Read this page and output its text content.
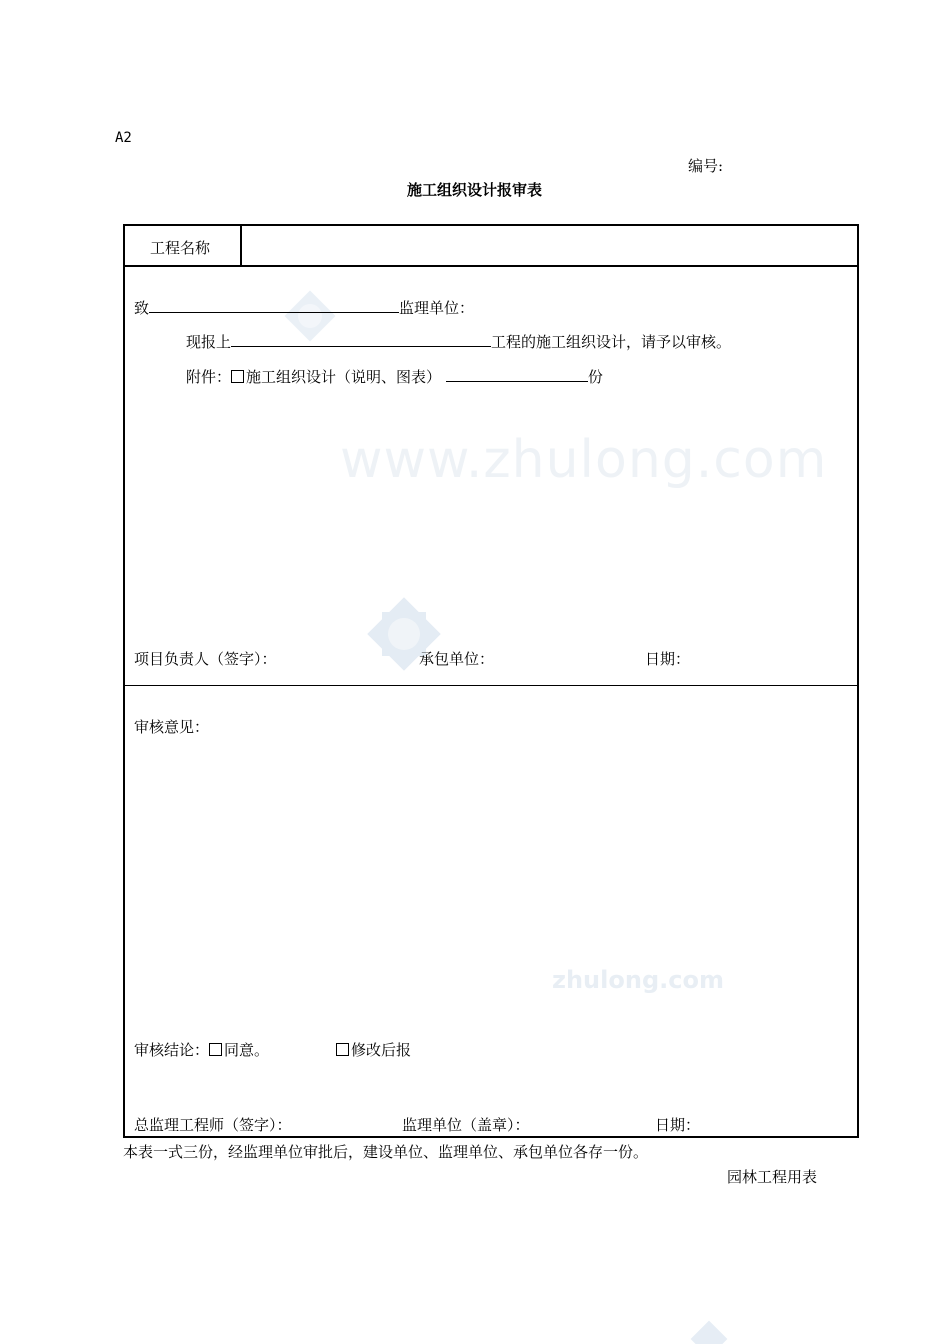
www.zhulong.com
zhulong.com
A2
编号:
施工组织设计报审表
工程名称
致	监理单位：
现报上	工程的施工组织设计，请予以审核。
附件： 施工组织设计（说明、图表）	份
项目负责人（签字）：	承包单位：	日期：
审核意见：
审核结论： 同意。	修改后报
总监理工程师（签字）：	监理单位（盖章）：	日期：
本表一式三份，经监理单位审批后，建设单位、监理单位、承包单位各存一份。
园林工程用表
